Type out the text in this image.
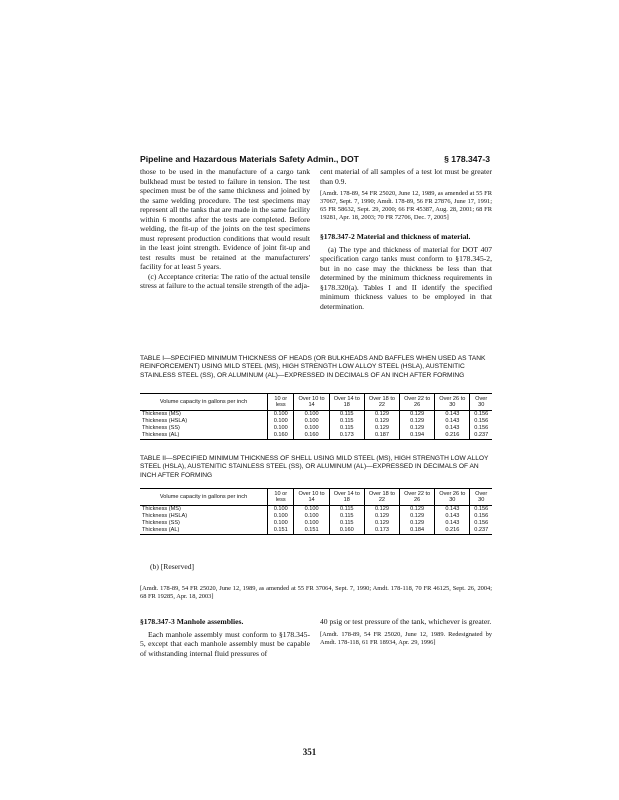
Pipeline and Hazardous Materials Safety Admin., DOT	§ 178.347-3

those to be used in the manufacture of a cargo tank bulkhead must be tested to failure in tension. The test specimen must be of the same thickness and joined by the same welding procedure. The test specimens may represent all the tanks that are made in the same facility within 6 months after the tests are completed. Before welding, the fit-up of the joints on the test specimens must represent production conditions that would result in the least joint strength. Evidence of joint fit-up and test results must be retained at the manufacturers' facility for at least 5 years.

(c) Acceptance criteria: The ratio of the actual tensile stress at failure to the actual tensile strength of the adja-

cent material of all samples of a test lot must be greater than 0.9.

[Amdt. 178-89, 54 FR 25020, June 12, 1989, as amended at 55 FR 37067, Sept. 7, 1990; Amdt. 178-89, 56 FR 27876, June 17, 1991; 65 FR 58632, Sept. 29, 2000; 66 FR 45387, Aug. 28, 2001; 68 FR 19281, Apr. 18, 2003; 70 FR 72706, Dec. 7, 2005]

§178.347-2 Material and thickness of material.

(a) The type and thickness of material for DOT 407 specification cargo tanks must conform to §178.345-2, but in no case may the thickness be less than that determined by the minimum thickness requirements in §178.320(a). Tables I and II identify the specified minimum thickness values to be employed in that determination.

TABLE I—SPECIFIED MINIMUM THICKNESS OF HEADS (OR BULKHEADS AND BAFFLES WHEN USED AS TANK REINFORCEMENT) USING MILD STEEL (MS), HIGH STRENGTH LOW ALLOY STEEL (HSLA), AUSTENITIC STAINLESS STEEL (SS), OR ALUMINUM (AL)—EXPRESSED IN DECIMALS OF AN INCH AFTER FORMING
Volume capacity in gallons per inch	10 or less	Over 10 to 14	Over 14 to 18	Over 18 to 22	Over 22 to 26	Over 26 to 30	Over 30
Thickness (MS)	0.100	0.100	0.115	0.129	0.129	0.143	0.156
Thickness (HSLA)	0.100	0.100	0.115	0.129	0.129	0.143	0.156
Thickness (SS)	0.100	0.100	0.115	0.129	0.129	0.143	0.156
Thickness (AL)	0.160	0.160	0.173	0.187	0.194	0.216	0.237
TABLE II—SPECIFIED MINIMUM THICKNESS OF SHELL USING MILD STEEL (MS), HIGH STRENGTH LOW ALLOY STEEL (HSLA), AUSTENITIC STAINLESS STEEL (SS), OR ALUMINUM (AL)—EXPRESSED IN DECIMALS OF AN INCH AFTER FORMING
Volume capacity in gallons per inch	10 or less	Over 10 to 14	Over 14 to 18	Over 18 to 22	Over 22 to 26	Over 26 to 30	Over 30
Thickness (MS)	0.100	0.100	0.115	0.129	0.129	0.143	0.156
Thickness (HSLA)	0.100	0.100	0.115	0.129	0.129	0.143	0.156
Thickness (SS)	0.100	0.100	0.115	0.129	0.129	0.143	0.156
Thickness (AL)	0.151	0.151	0.160	0.173	0.184	0.216	0.237
(b) [Reserved]
[Amdt. 178-89, 54 FR 25020, June 12, 1989, as amended at 55 FR 37064, Sept. 7, 1990; Amdt. 178-118, 70 FR 46125, Sept. 26, 2004; 68 FR 19285, Apr. 18, 2003]

§178.347-3 Manhole assemblies.

Each manhole assembly must conform to §178.345-5, except that each manhole assembly must be capable of withstanding internal fluid pressures of

40 psig or test pressure of the tank, whichever is greater.

[Amdt. 178-89, 54 FR 25020, June 12, 1989. Redesignated by Amdt. 178-118, 61 FR 18934, Apr. 29, 1996]

351
